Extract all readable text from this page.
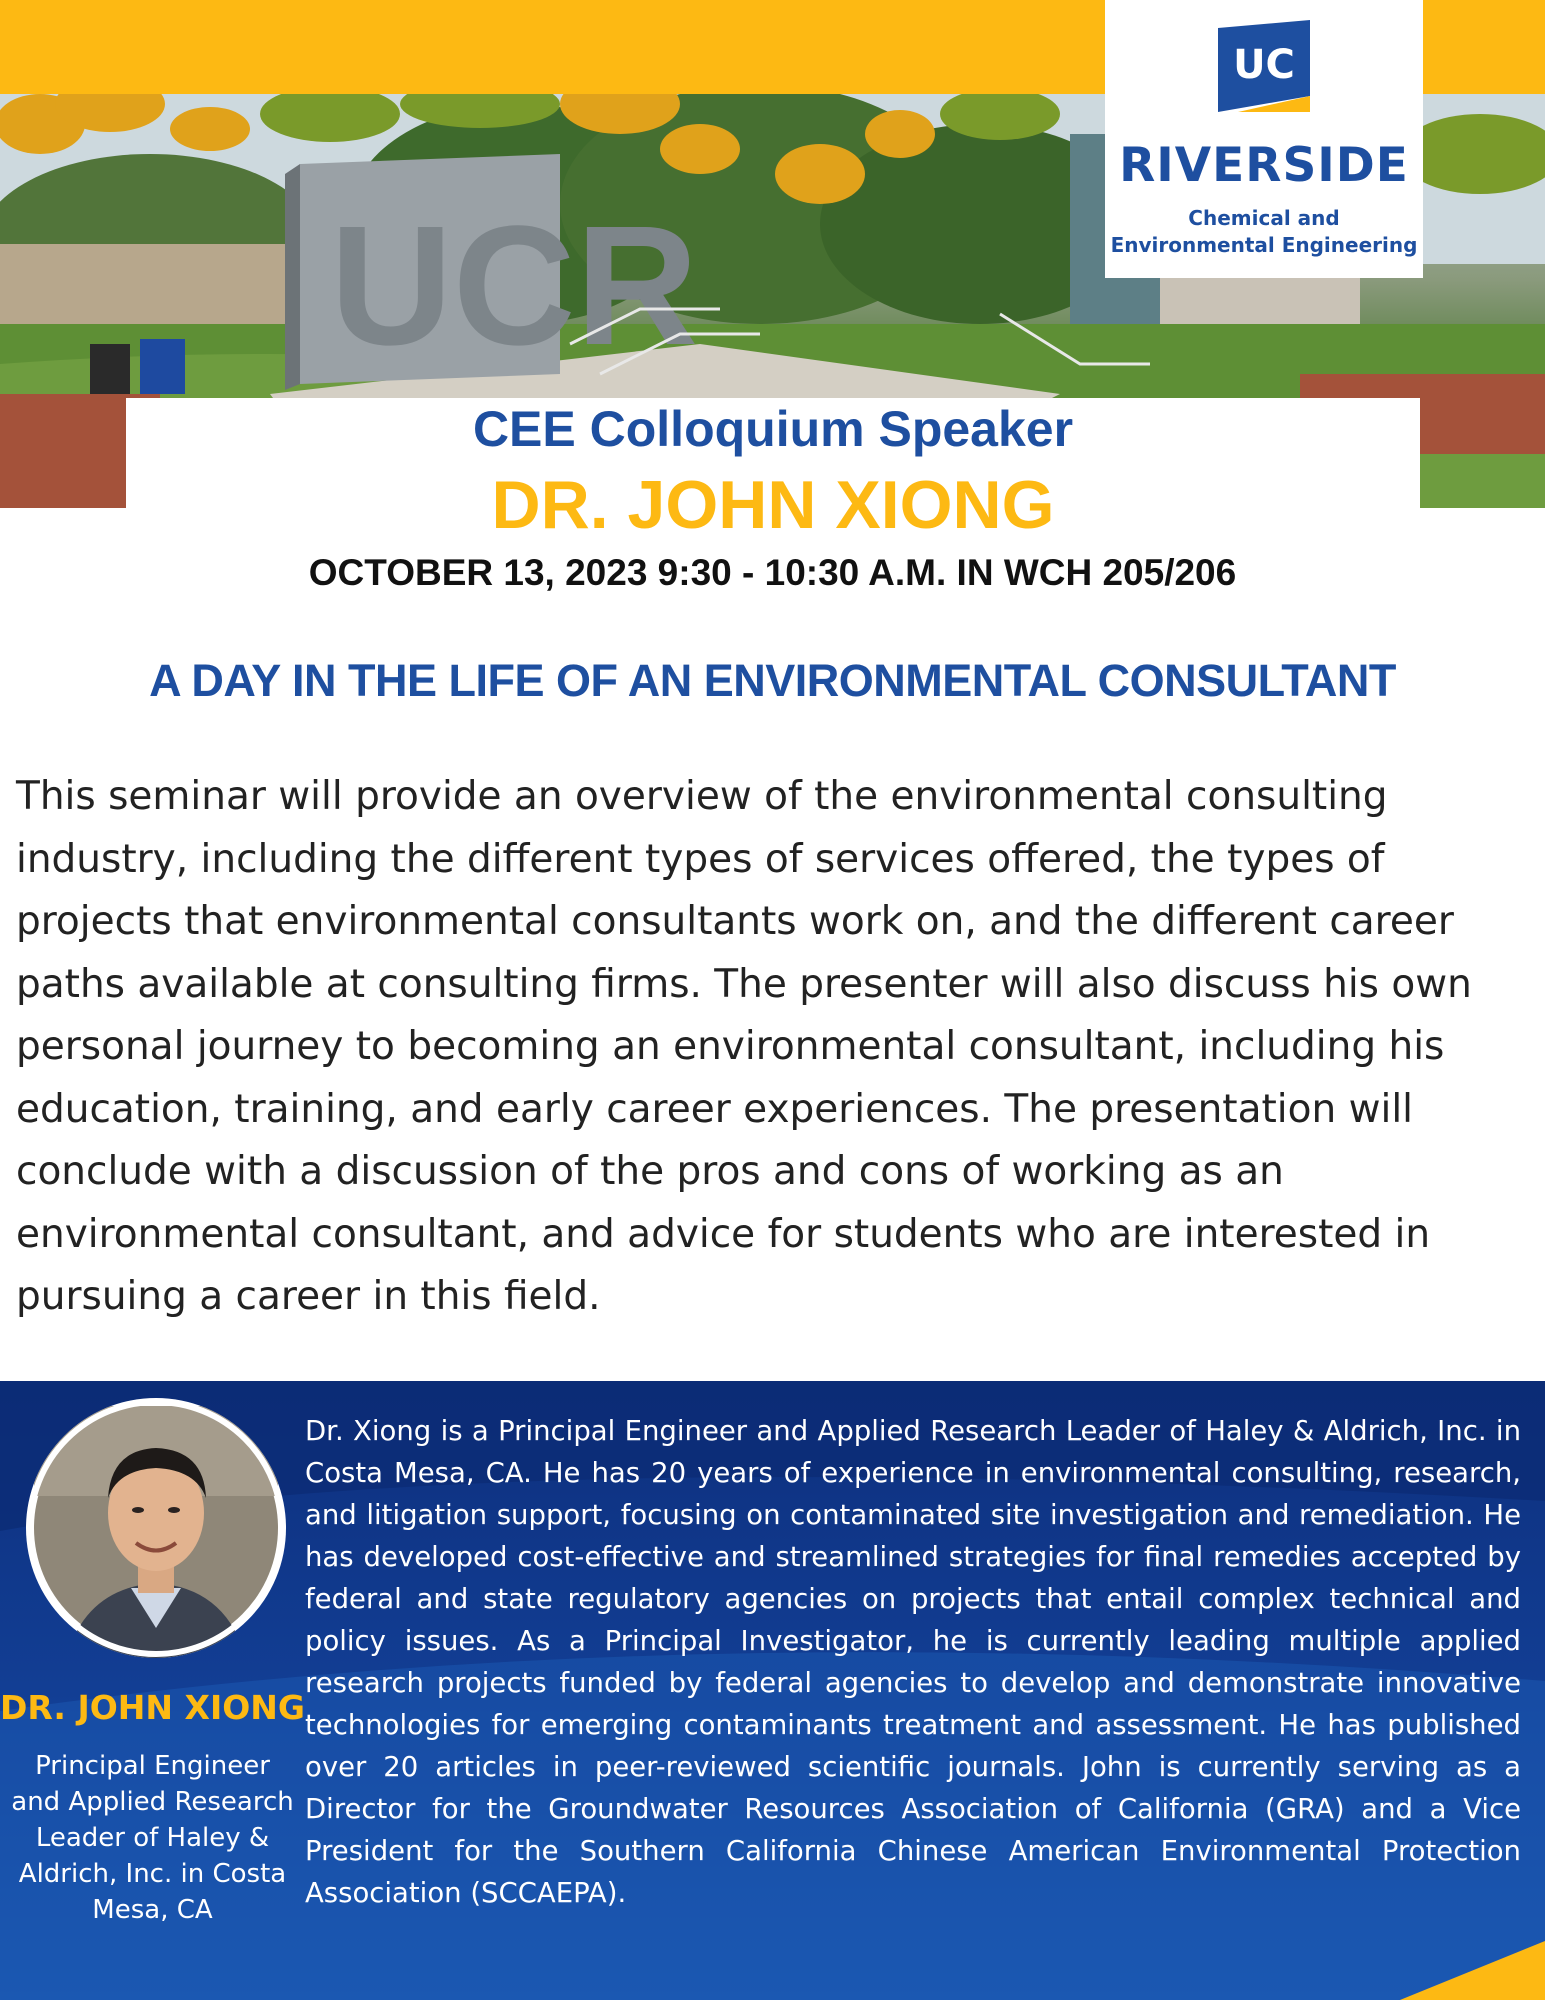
UCR
UC
RIVERSIDE
Chemical and Environmental Engineering
CEE Colloquium Speaker
DR. JOHN XIONG
OCTOBER 13, 2023 9:30 - 10:30 A.M. IN WCH 205/206
A DAY IN THE LIFE OF AN ENVIRONMENTAL CONSULTANT
This seminar will provide an overview of the environmental consulting industry, including the different types of services offered, the types of projects that environmental consultants work on, and the different career paths available at consulting firms. The presenter will also discuss his own personal journey to becoming an environmental consultant, including his education, training, and early career experiences. The presentation will conclude with a discussion of the pros and cons of working as an environmental consultant, and advice for students who are interested in pursuing a career in this field.
DR. JOHN XIONG
Principal Engineer and Applied Research Leader of Haley & Aldrich, Inc. in Costa Mesa, CA
Dr. Xiong is a Principal Engineer and Applied Research Leader of Haley & Aldrich, Inc. in Costa Mesa, CA. He has 20 years of experience in environmental consulting, research, and litigation support, focusing on contaminated site investigation and remediation. He has developed cost-effective and streamlined strategies for final remedies accepted by federal and state regulatory agencies on projects that entail complex technical and policy issues. As a Principal Investigator, he is currently leading multiple applied research projects funded by federal agencies to develop and demonstrate innovative technologies for emerging contaminants treatment and assessment. He has published over 20 articles in peer-reviewed scientific journals. John is currently serving as a Director for the Groundwater Resources Association of California (GRA) and a Vice President for the Southern California Chinese American Environmental Protection Association (SCCAEPA).
